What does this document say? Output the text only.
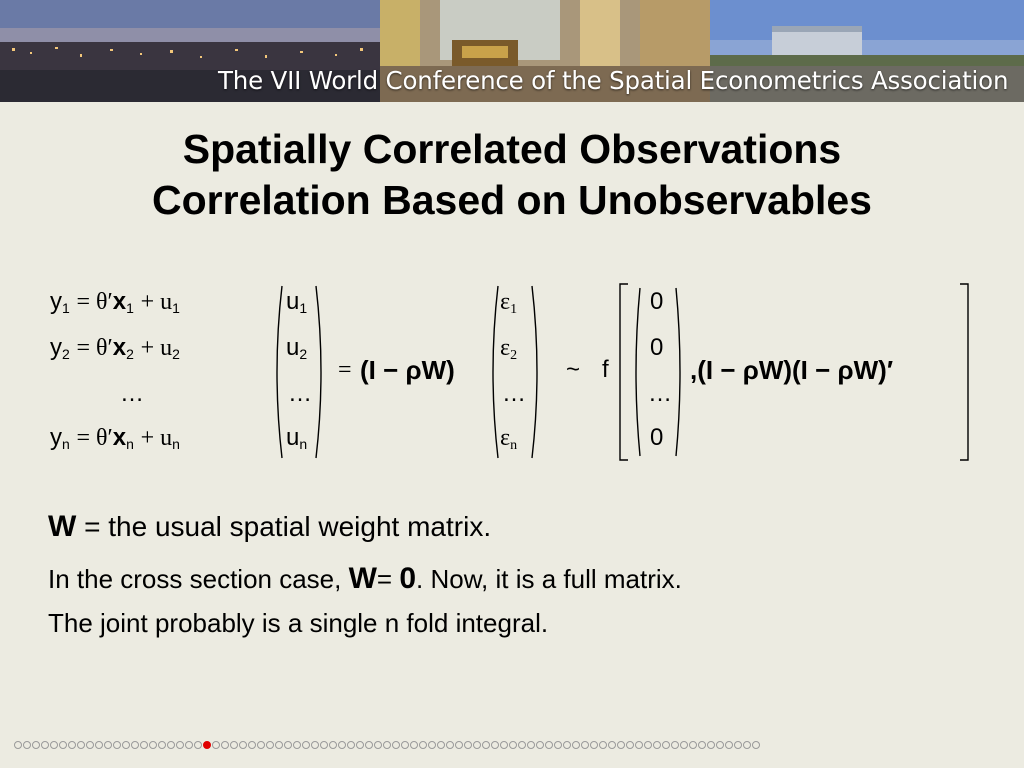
The VII World Conference of the Spatial Econometrics Association
Spatially Correlated Observations
Correlation Based on Unobservables
$y_1 = \theta'x_1 + u_1$
$y_2 = \theta'x_2 + u_2$
…
$y_n = \theta'x_n + u_n$
$u_1$
$u_2$
…
$u_n$
= (I − ρW)
$\varepsilon_1$
$\varepsilon_2$
…
$\varepsilon_n$
~ f
0
0
…
0
,(I − ρW)(I − ρW)′
W = the usual spatial weight matrix.
In the cross section case, W= 0. Now, it is a full matrix.
The joint probably is a single n fold integral.
